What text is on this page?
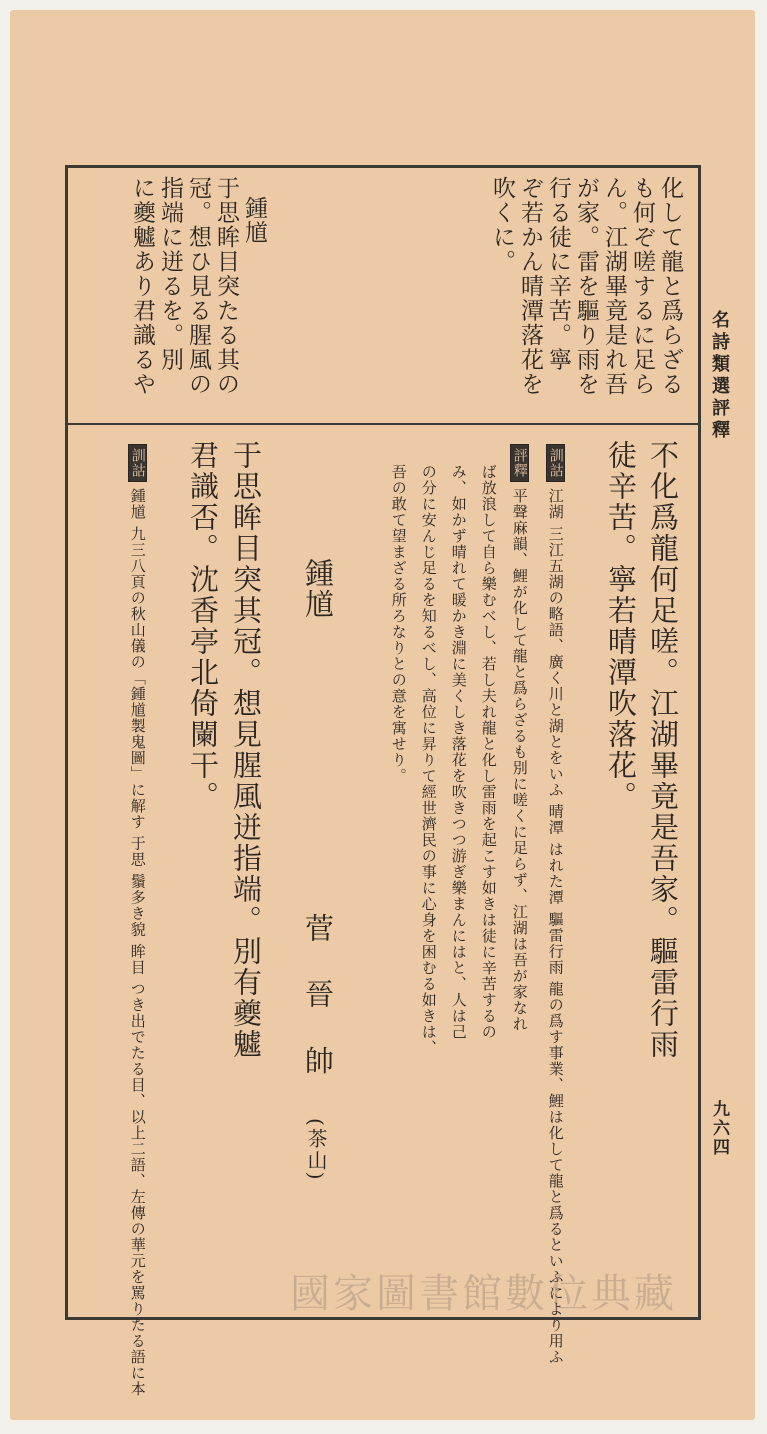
名詩類選評釋
九六四
化して龍と爲らざる
も何ぞ嗟するに足ら
ん。江湖畢竟是れ吾
が家。雷を驅り雨を
行る徒に辛苦。寧
ぞ若かん晴潭落花を
吹くに。
鍾馗
于思眸目突たる其の
冠。想ひ見る腥風の
指端に迸るを。別
に夔魖あり君識るや
不化爲龍何足嗟。江湖畢竟是吾家。驅雷行雨
徒辛苦。寧若晴潭吹落花。
訓詁江湖 三江五湖の略語、廣く川と湖とをいふ 晴潭 はれた潭 驅雷行雨 龍の爲す事業、鯉は化して龍と爲るといふにより用ふ
評釋平聲麻韻、鯉が化して龍と爲らざるも別に嗟くに足らず、江湖は吾が家なれ
ば放浪して自ら樂むべし、若し夫れ龍と化し雷雨を起こす如きは徒に辛苦するの
み、如かず晴れて暖かき淵に美くしき落花を吹きつつ游ぎ樂まんにはと、人は己
の分に安んじ足るを知るべし、高位に昇りて經世濟民の事に心身を困むる如きは、
吾の敢て望まざる所ろなりとの意を寓せり。
鍾馗
菅 晉 帥
(茶山)
于思眸目突其冠。想見腥風迸指端。別有夔魖
君識否。沈香亭北倚闌干。
訓詁鍾馗 九三八頁の秋山儀の「鍾馗製鬼圖」に解す 于思 鬚多き貌 眸目 つき出でたる目、以上二語、左傳の華元を罵りたる語に本	國家圖書館數位典藏
